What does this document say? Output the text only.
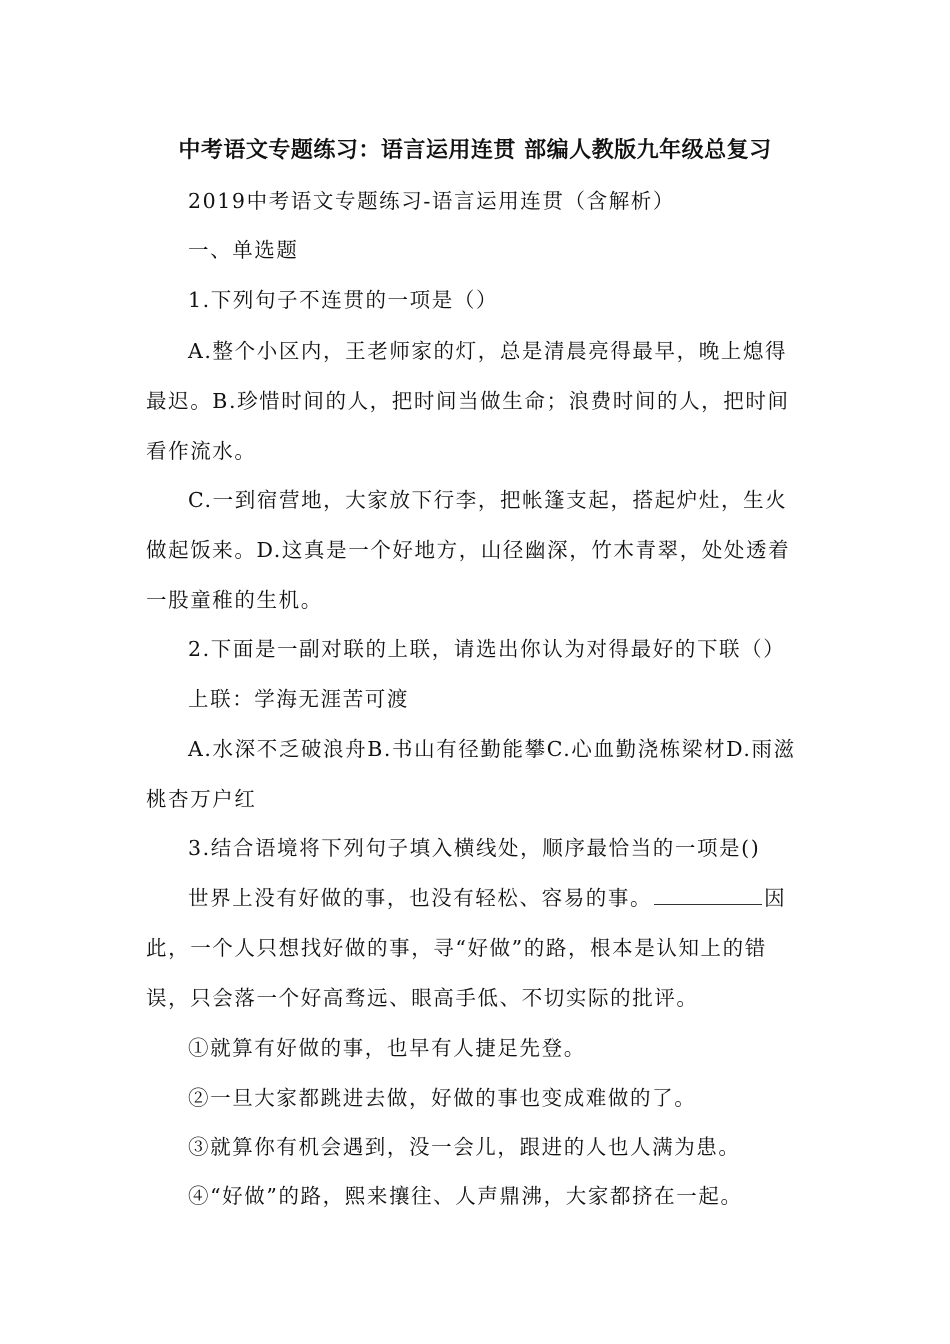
中考语文专题练习：语言运用连贯 部编人教版九年级总复习
2019中考语文专题练习-语言运用连贯（含解析）
一、单选题
1.下列句子不连贯的一项是（）
A.整个小区内，王老师家的灯，总是清晨亮得最早，晚上熄得
最迟。B.珍惜时间的人，把时间当做生命；浪费时间的人，把时间
看作流水。
C.一到宿营地，大家放下行李，把帐篷支起，搭起炉灶，生火
做起饭来。D.这真是一个好地方，山径幽深，竹木青翠，处处透着
一股童稚的生机。
2.下面是一副对联的上联，请选出你认为对得最好的下联（）
上联：学海无涯苦可渡
A.水深不乏破浪舟B.书山有径勤能攀C.心血勤浇栋梁材D.雨滋
桃杏万户红
3.结合语境将下列句子填入横线处，顺序最恰当的一项是()
世界上没有好做的事，也没有轻松、容易的事。	因
此，一个人只想找好做的事，寻“好做”的路，根本是认知上的错
误，只会落一个好高骛远、眼高手低、不切实际的批评。
①就算有好做的事，也早有人捷足先登。
②一旦大家都跳进去做，好做的事也变成难做的了。
③就算你有机会遇到，没一会儿，跟进的人也人满为患。
④“好做”的路，熙来攘往、人声鼎沸，大家都挤在一起。
